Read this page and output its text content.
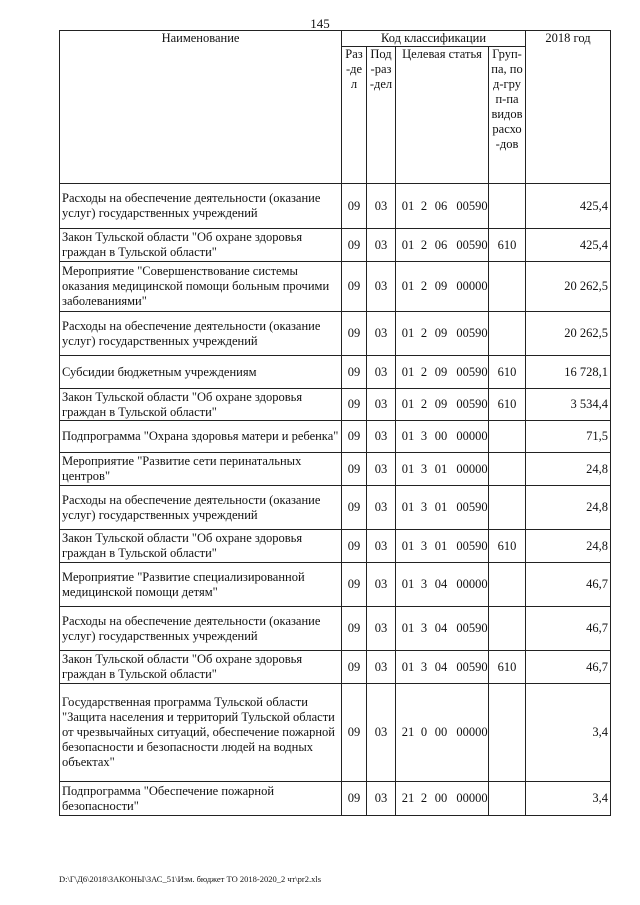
145
Наименование	Код классификации				2018 год
	Раз-дел	Под-раз-дел	Целевая статья	Груп-па, под-груп-па видов расхо-дов	
Расходы на обеспечение деятельности (оказание услуг) государственных учреждений	09	03	01 2 06 00590		425,4
Закон Тульской области "Об охране здоровья граждан в Тульской области"	09	03	01 2 06 00590	610	425,4
Мероприятие "Совершенствование системы оказания медицинской помощи больным прочими заболеваниями"	09	03	01 2 09 00000		20 262,5
Расходы на обеспечение деятельности (оказание услуг) государственных учреждений	09	03	01 2 09 00590		20 262,5
Субсидии бюджетным учреждениям	09	03	01 2 09 00590	610	16 728,1
Закон Тульской области "Об охране здоровья граждан в Тульской области"	09	03	01 2 09 00590	610	3 534,4
Подпрограмма "Охрана здоровья матери и ребенка"	09	03	01 3 00 00000		71,5
Мероприятие "Развитие сети перинатальных центров"	09	03	01 3 01 00000		24,8
Расходы на обеспечение деятельности (оказание услуг) государственных учреждений	09	03	01 3 01 00590		24,8
Закон Тульской области "Об охране здоровья граждан в Тульской области"	09	03	01 3 01 00590	610	24,8
Мероприятие "Развитие специализированной медицинской помощи детям"	09	03	01 3 04 00000		46,7
Расходы на обеспечение деятельности (оказание услуг) государственных учреждений	09	03	01 3 04 00590		46,7
Закон Тульской области "Об охране здоровья граждан в Тульской области"	09	03	01 3 04 00590	610	46,7
Государственная программа Тульской области "Защита населения и территорий Тульской области от чрезвычайных ситуаций, обеспечение пожарной безопасности и безопасности людей на водных объектах"	09	03	21 0 00 00000		3,4
Подпрограмма "Обеспечение пожарной безопасности"	09	03	21 2 00 00000		3,4
D:\Г\Д6\2018\ЗАКОНЫ\ЗАС_51\Изм. бюджет ТО 2018-2020_2 чт\pr2.xls
